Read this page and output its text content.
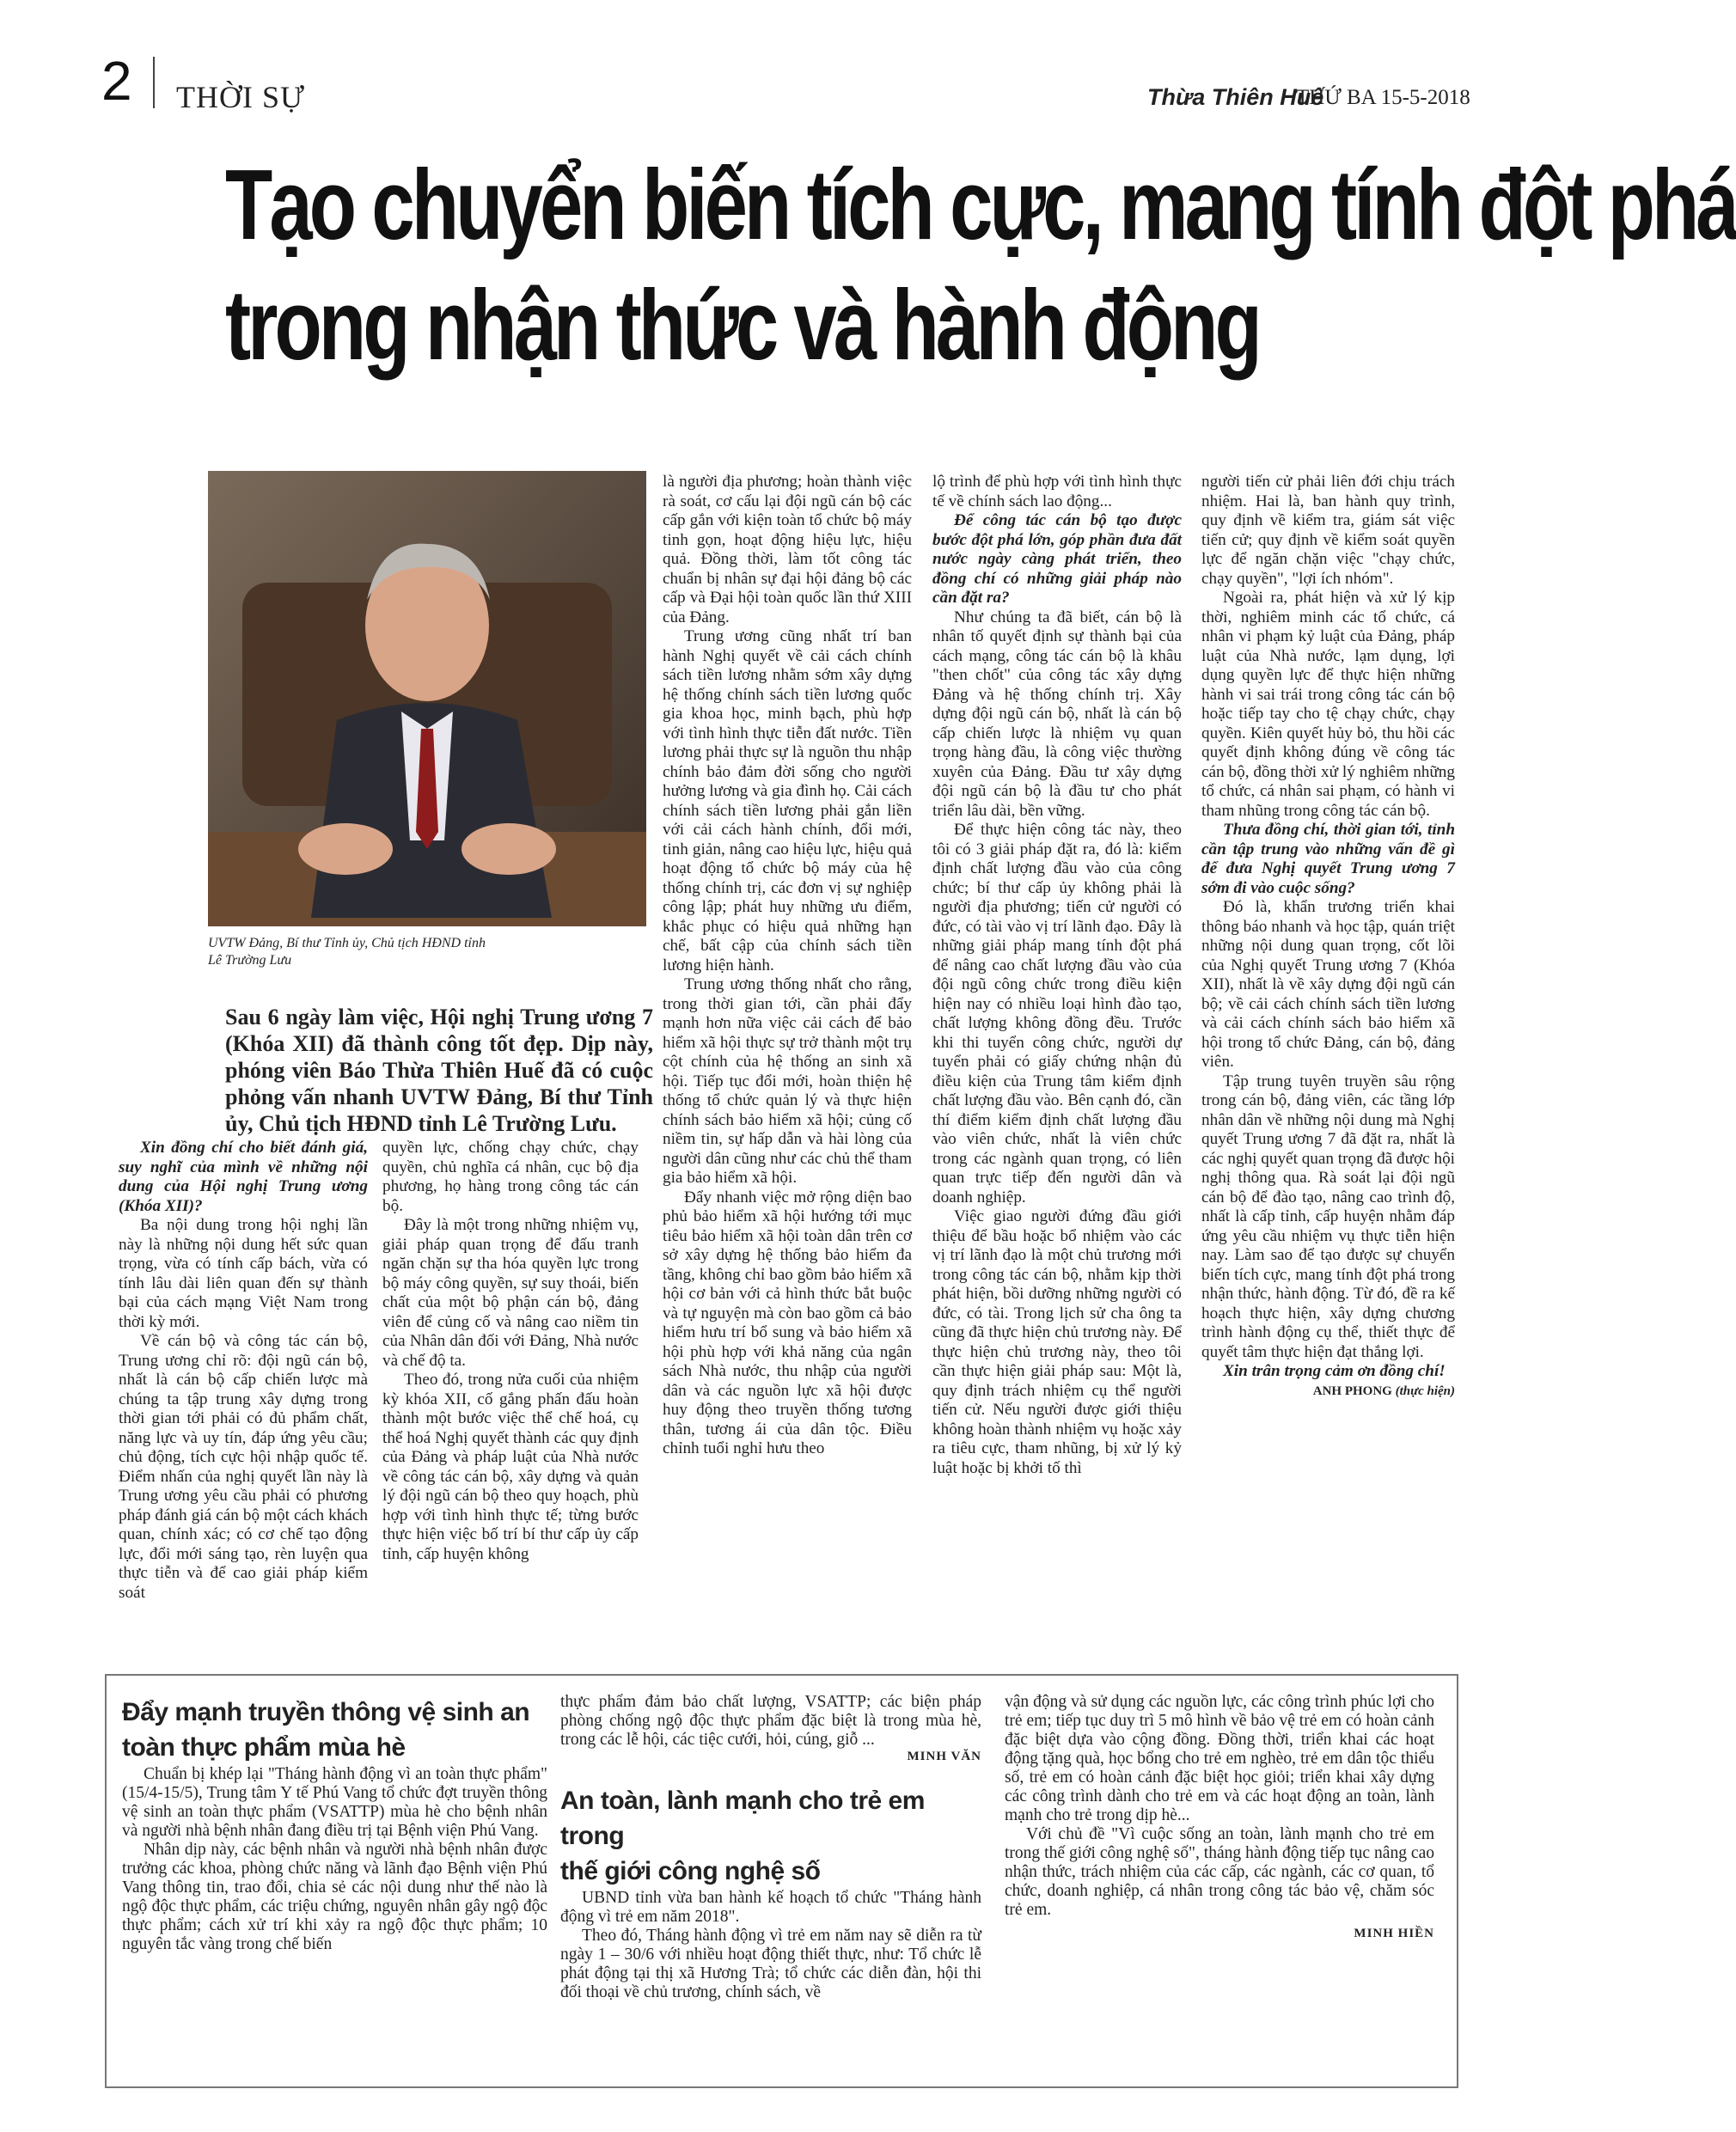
2 THỜI SỰ	Thừa Thiên Huế
THỨ BA 15-5-2018
Tạo chuyển biến tích cực, mang tính đột phá
trong nhận thức và hành động
UVTW Đảng, Bí thư Tỉnh ủy, Chủ tịch HĐND tỉnh
Lê Trường Lưu
Sau 6 ngày làm việc, Hội nghị Trung ương 7 (Khóa XII) đã thành công tốt đẹp. Dịp này, phóng viên Báo Thừa Thiên Huế đã có cuộc phỏng vấn nhanh UVTW Đảng, Bí thư Tỉnh ủy, Chủ tịch HĐND tỉnh Lê Trường Lưu.

Xin đồng chí cho biết đánh giá, suy nghĩ của mình về những nội dung của Hội nghị Trung ương (Khóa XII)?

Ba nội dung trong hội nghị lần này là những nội dung hết sức quan trọng, vừa có tính cấp bách, vừa có tính lâu dài liên quan đến sự thành bại của cách mạng Việt Nam trong thời kỳ mới.

Về cán bộ và công tác cán bộ, Trung ương chỉ rõ: đội ngũ cán bộ, nhất là cán bộ cấp chiến lược mà chúng ta tập trung xây dựng trong thời gian tới phải có đủ phẩm chất, năng lực và uy tín, đáp ứng yêu cầu; chủ động, tích cực hội nhập quốc tế. Điểm nhấn của nghị quyết lần này là Trung ương yêu cầu phải có phương pháp đánh giá cán bộ một cách khách quan, chính xác; có cơ chế tạo động lực, đổi mới sáng tạo, rèn luyện qua thực tiễn và để cao giải pháp kiểm soát

quyền lực, chống chạy chức, chạy quyền, chủ nghĩa cá nhân, cục bộ địa phương, họ hàng trong công tác cán bộ.

Đây là một trong những nhiệm vụ, giải pháp quan trọng để đấu tranh ngăn chặn sự tha hóa quyền lực trong bộ máy công quyền, sự suy thoái, biến chất của một bộ phận cán bộ, đảng viên để củng cố và nâng cao niềm tin của Nhân dân đối với Đảng, Nhà nước và chế độ ta.

Theo đó, trong nửa cuối của nhiệm kỳ khóa XII, cố gắng phấn đấu hoàn thành một bước việc thể chế hoá, cụ thể hoá Nghị quyết thành các quy định của Đảng và pháp luật của Nhà nước về công tác cán bộ, xây dựng và quản lý đội ngũ cán bộ theo quy hoạch, phù hợp với tình hình thực tế; từng bước thực hiện việc bố trí bí thư cấp ủy cấp tỉnh, cấp huyện không

là người địa phương; hoàn thành việc rà soát, cơ cấu lại đội ngũ cán bộ các cấp gắn với kiện toàn tổ chức bộ máy tinh gọn, hoạt động hiệu lực, hiệu quả. Đồng thời, làm tốt công tác chuẩn bị nhân sự đại hội đảng bộ các cấp và Đại hội toàn quốc lần thứ XIII của Đảng.

Trung ương cũng nhất trí ban hành Nghị quyết về cải cách chính sách tiền lương nhằm sớm xây dựng hệ thống chính sách tiền lương quốc gia khoa học, minh bạch, phù hợp với tình hình thực tiễn đất nước. Tiền lương phải thực sự là nguồn thu nhập chính bảo đảm đời sống cho người hưởng lương và gia đình họ. Cải cách chính sách tiền lương phải gắn liền với cải cách hành chính, đổi mới, tinh giản, nâng cao hiệu lực, hiệu quả hoạt động tổ chức bộ máy của hệ thống chính trị, các đơn vị sự nghiệp công lập; phát huy những ưu điểm, khắc phục có hiệu quả những hạn chế, bất cập của chính sách tiền lương hiện hành.

Trung ương thống nhất cho rằng, trong thời gian tới, cần phải đẩy mạnh hơn nữa việc cải cách để bảo hiểm xã hội thực sự trở thành một trụ cột chính của hệ thống an sinh xã hội. Tiếp tục đổi mới, hoàn thiện hệ thống tổ chức quản lý và thực hiện chính sách bảo hiểm xã hội; củng cố niềm tin, sự hấp dẫn và hài lòng của người dân cũng như các chủ thể tham gia bảo hiểm xã hội.

Đẩy nhanh việc mở rộng diện bao phủ bảo hiểm xã hội hướng tới mục tiêu bảo hiểm xã hội toàn dân trên cơ sở xây dựng hệ thống bảo hiểm đa tầng, không chỉ bao gồm bảo hiểm xã hội cơ bản với cả hình thức bắt buộc và tự nguyện mà còn bao gồm cả bảo hiểm hưu trí bổ sung và bảo hiểm xã hội phù hợp với khả năng của ngân sách Nhà nước, thu nhập của người dân và các nguồn lực xã hội được huy động theo truyền thống tương thân, tương ái của dân tộc. Điều chỉnh tuổi nghỉ hưu theo

lộ trình để phù hợp với tình hình thực tế về chính sách lao động...

Để công tác cán bộ tạo được bước đột phá lớn, góp phần đưa đất nước ngày càng phát triển, theo đồng chí có những giải pháp nào cần đặt ra?

Như chúng ta đã biết, cán bộ là nhân tố quyết định sự thành bại của cách mạng, công tác cán bộ là khâu "then chốt" của công tác xây dựng Đảng và hệ thống chính trị. Xây dựng đội ngũ cán bộ, nhất là cán bộ cấp chiến lược là nhiệm vụ quan trọng hàng đầu, là công việc thường xuyên của Đảng. Đầu tư xây dựng đội ngũ cán bộ là đầu tư cho phát triển lâu dài, bền vững.

Để thực hiện công tác này, theo tôi có 3 giải pháp đặt ra, đó là: kiểm định chất lượng đầu vào của công chức; bí thư cấp ủy không phải là người địa phương; tiến cử người có đức, có tài vào vị trí lãnh đạo. Đây là những giải pháp mang tính đột phá để nâng cao chất lượng đầu vào của đội ngũ công chức trong điều kiện hiện nay có nhiều loại hình đào tạo, chất lượng không đồng đều. Trước khi thi tuyển công chức, người dự tuyển phải có giấy chứng nhận đủ điều kiện của Trung tâm kiểm định chất lượng đầu vào. Bên cạnh đó, cần thí điểm kiểm định chất lượng đầu vào viên chức, nhất là viên chức trong các ngành quan trọng, có liên quan trực tiếp đến người dân và doanh nghiệp.

Việc giao người đứng đầu giới thiệu để bầu hoặc bổ nhiệm vào các vị trí lãnh đạo là một chủ trương mới trong công tác cán bộ, nhằm kịp thời phát hiện, bồi dưỡng những người có đức, có tài. Trong lịch sử cha ông ta cũng đã thực hiện chủ trương này. Để thực hiện chủ trương này, theo tôi cần thực hiện giải pháp sau: Một là, quy định trách nhiệm cụ thể người tiến cử. Nếu người được giới thiệu không hoàn thành nhiệm vụ hoặc xảy ra tiêu cực, tham nhũng, bị xử lý kỷ luật hoặc bị khởi tố thì

người tiến cử phải liên đới chịu trách nhiệm. Hai là, ban hành quy trình, quy định về kiểm tra, giám sát việc tiến cử; quy định về kiểm soát quyền lực để ngăn chặn việc "chạy chức, chạy quyền", "lợi ích nhóm".

Ngoài ra, phát hiện và xử lý kịp thời, nghiêm minh các tổ chức, cá nhân vi phạm kỷ luật của Đảng, pháp luật của Nhà nước, lạm dụng, lợi dụng quyền lực để thực hiện những hành vi sai trái trong công tác cán bộ hoặc tiếp tay cho tệ chạy chức, chạy quyền. Kiên quyết hủy bỏ, thu hồi các quyết định không đúng về công tác cán bộ, đồng thời xử lý nghiêm những tổ chức, cá nhân sai phạm, có hành vi tham nhũng trong công tác cán bộ.

Thưa đồng chí, thời gian tới, tỉnh cần tập trung vào những vấn đề gì để đưa Nghị quyết Trung ương 7 sớm đi vào cuộc sống?

Đó là, khẩn trương triển khai thông báo nhanh và học tập, quán triệt những nội dung quan trọng, cốt lõi của Nghị quyết Trung ương 7 (Khóa XII), nhất là về xây dựng đội ngũ cán bộ; về cải cách chính sách tiền lương và cải cách chính sách bảo hiểm xã hội trong tổ chức Đảng, cán bộ, đảng viên.

Tập trung tuyên truyền sâu rộng trong cán bộ, đảng viên, các tầng lớp nhân dân về những nội dung mà Nghị quyết Trung ương 7 đã đặt ra, nhất là các nghị quyết quan trọng đã được hội nghị thông qua. Rà soát lại đội ngũ cán bộ để đào tạo, nâng cao trình độ, nhất là cấp tỉnh, cấp huyện nhằm đáp ứng yêu cầu nhiệm vụ thực tiễn hiện nay. Làm sao để tạo được sự chuyển biến tích cực, mang tính đột phá trong nhận thức, hành động. Từ đó, đề ra kế hoạch thực hiện, xây dựng chương trình hành động cụ thể, thiết thực để quyết tâm thực hiện đạt thắng lợi.

Xin trân trọng cảm ơn đồng chí!

ANH PHONG (thực hiện)

Đẩy mạnh truyền thông vệ sinh an
toàn thực phẩm mùa hè

Chuẩn bị khép lại "Tháng hành động vì an toàn thực phẩm" (15/4-15/5), Trung tâm Y tế Phú Vang tổ chức đợt truyền thông vệ sinh an toàn thực phẩm (VSATTP) mùa hè cho bệnh nhân và người nhà bệnh nhân đang điều trị tại Bệnh viện Phú Vang.

Nhân dịp này, các bệnh nhân và người nhà bệnh nhân được trưởng các khoa, phòng chức năng và lãnh đạo Bệnh viện Phú Vang thông tin, trao đổi, chia sẻ các nội dung như thế nào là ngộ độc thực phẩm, các triệu chứng, nguyên nhân gây ngộ độc thực phẩm; cách xử trí khi xảy ra ngộ độc thực phẩm; 10 nguyên tắc vàng trong chế biến

thực phẩm đảm bảo chất lượng, VSATTP; các biện pháp phòng chống ngộ độc thực phẩm đặc biệt là trong mùa hè, trong các lễ hội, các tiệc cưới, hỏi, cúng, giỗ ...

MINH VĂN
An toàn, lành mạnh cho trẻ em trong
thế giới công nghệ số

UBND tỉnh vừa ban hành kế hoạch tổ chức "Tháng hành động vì trẻ em năm 2018".

Theo đó, Tháng hành động vì trẻ em năm nay sẽ diễn ra từ ngày 1 – 30/6 với nhiều hoạt động thiết thực, như: Tổ chức lễ phát động tại thị xã Hương Trà; tổ chức các diễn đàn, hội thi đối thoại về chủ trương, chính sách, về

vận động và sử dụng các nguồn lực, các công trình phúc lợi cho trẻ em; tiếp tục duy trì 5 mô hình về bảo vệ trẻ em có hoàn cảnh đặc biệt dựa vào cộng đồng. Đồng thời, triển khai các hoạt động tặng quà, học bổng cho trẻ em nghèo, trẻ em dân tộc thiểu số, trẻ em có hoàn cảnh đặc biệt học giỏi; triển khai xây dựng các công trình dành cho trẻ em và các hoạt động an toàn, lành mạnh cho trẻ trong dịp hè...

Với chủ đề "Vì cuộc sống an toàn, lành mạnh cho trẻ em trong thế giới công nghệ số", tháng hành động tiếp tục nâng cao nhận thức, trách nhiệm của các cấp, các ngành, các cơ quan, tổ chức, doanh nghiệp, cá nhân trong công tác bảo vệ, chăm sóc trẻ em.

MINH HIỀN
